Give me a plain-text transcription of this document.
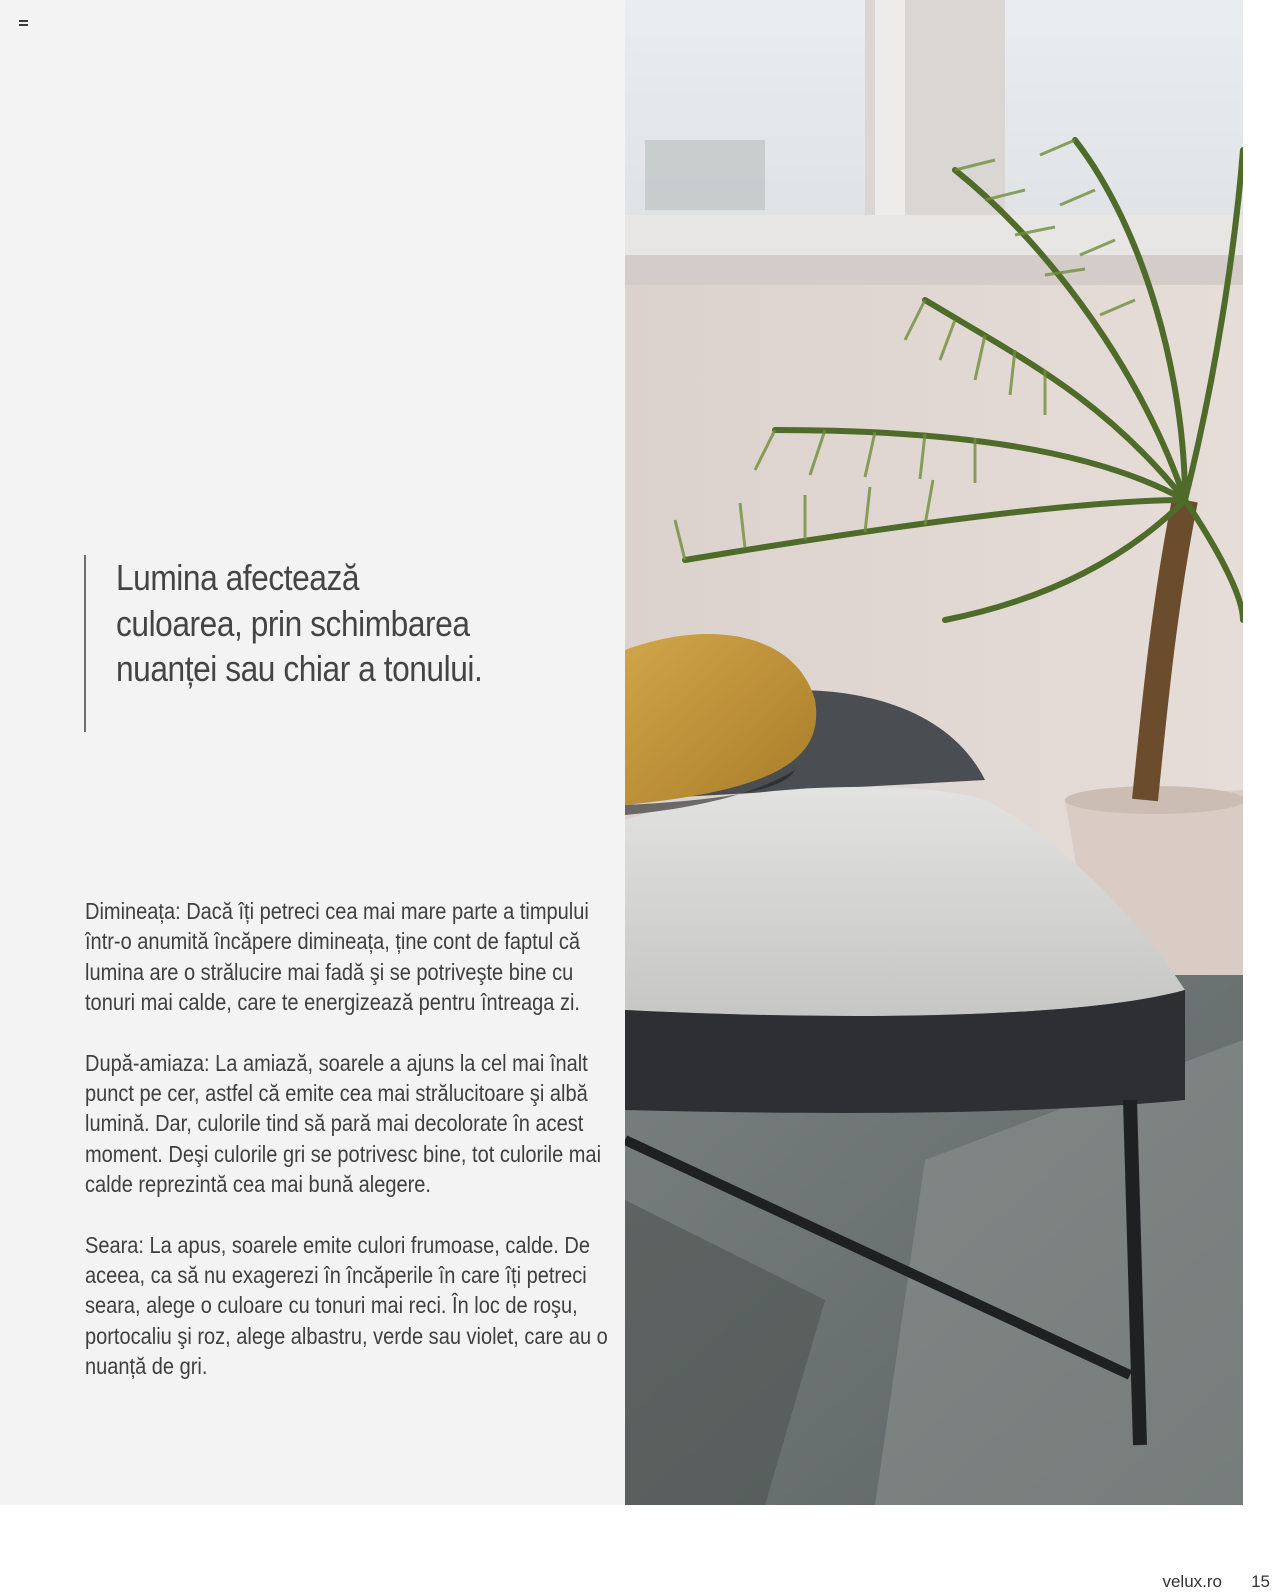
Lumina afectează culoarea, prin schimbarea nuanței sau chiar a tonului.

Dimineața: Dacă îți petreci cea mai mare parte a timpului într-o anumită încăpere dimineața, ține cont de faptul că lumina are o strălucire mai fadă şi se potriveşte bine cu tonuri mai calde, care te energizează pentru întreaga zi.

După-amiaza: La amiază, soarele a ajuns la cel mai înalt punct pe cer, astfel că emite cea mai strălucitoare şi albă lumină. Dar, culorile tind să pară mai decolorate în acest moment. Deşi culorile gri se potrivesc bine, tot culorile mai calde reprezintă cea mai bună alegere.

Seara: La apus, soarele emite culori frumoase, calde. De aceea, ca să nu exagerezi în încăperile în care îți petreci seara, alege o culoare cu tonuri mai reci. În loc de roşu, portocaliu şi roz, alege albastru, verde sau violet, care au o nuanță de gri.

velux.ro 15
